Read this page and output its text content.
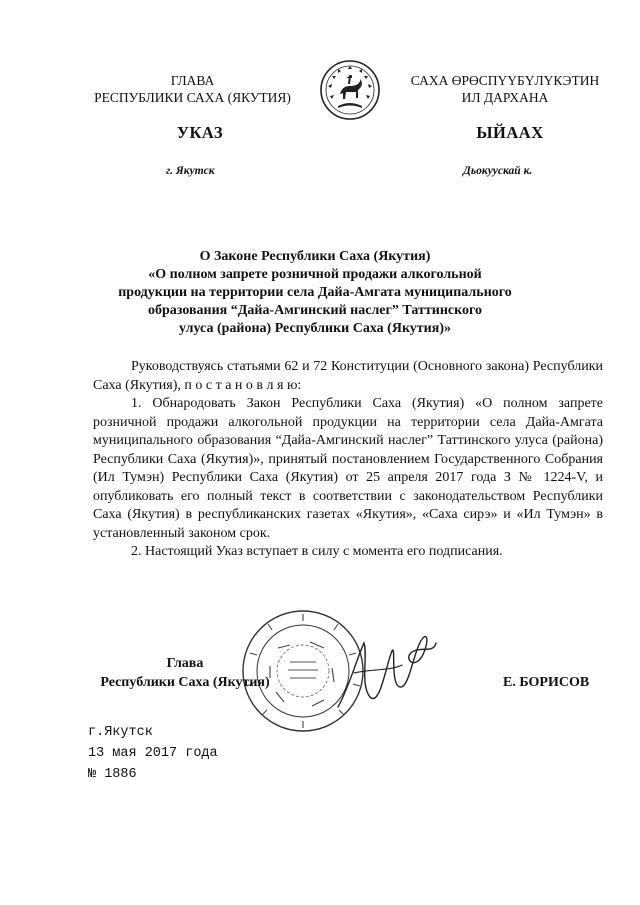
ГЛАВА
РЕСПУБЛИКИ САХА (ЯКУТИЯ)
САХА ӨРӨСПҮҮБҮЛҮКЭТИН
ИЛ ДАРХАНА
УКАЗ	ЫЙААХ
г. Якутск	Дьокуускай к.
О Законе Республики Саха (Якутия)
«О полном запрете розничной продажи алкогольной
продукции на территории села Дайа-Амгата муниципального
образования “Дайа-Амгинский наслег” Таттинского
улуса (района) Республики Саха (Якутия)»

Руководствуясь статьями 62 и 72 Конституции (Основного закона) Республики Саха (Якутия), п о с т а н о в л я ю:

1. Обнародовать Закон Республики Саха (Якутия) «О полном запрете розничной продажи алкогольной продукции на территории села Дайа-Амгата муниципального образования “Дайа-Амгинский наслег” Таттинского улуса (района) Республики Саха (Якутия)», принятый постановлением Государственного Собрания (Ил Тумэн) Республики Саха (Якутия) от 25 апреля 2017 года З № 1224-V, и опубликовать его полный текст в соответствии с законодательством Республики Саха (Якутия) в республиканских газетах «Якутия», «Саха сирэ» и «Ил Тумэн» в установленный законом срок.

2. Настоящий Указ вступает в силу с момента его подписания.

Глава
Республики Саха (Якутия)	Е. БОРИСОВ
г.Якутск
13 мая 2017 года
№ 1886
